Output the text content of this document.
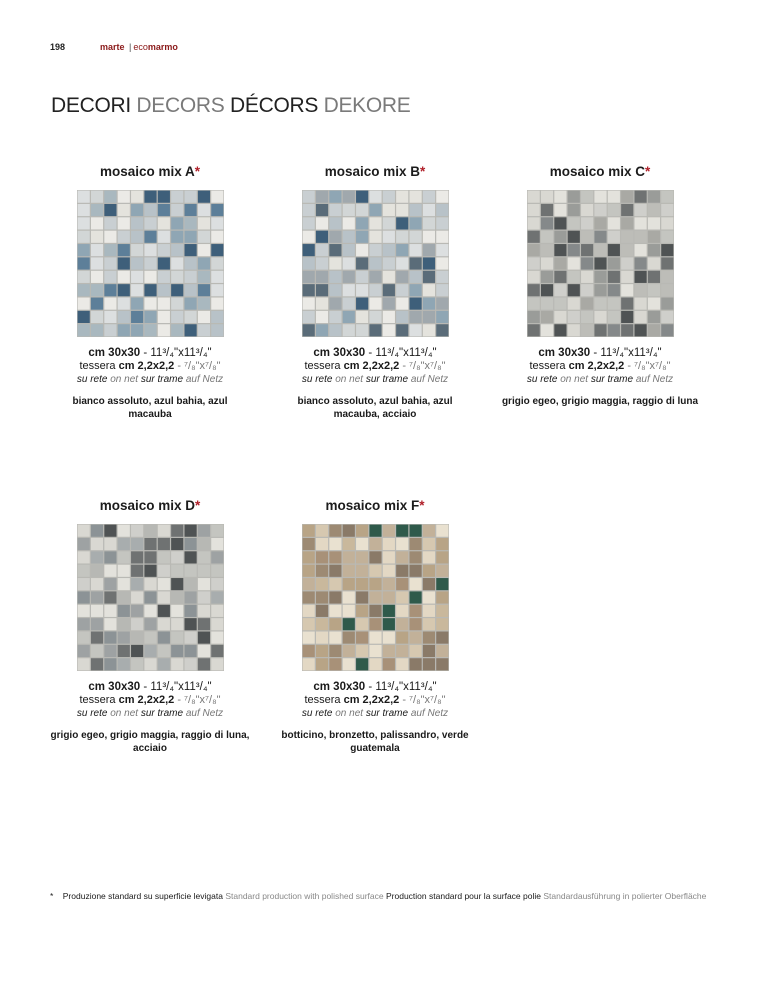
198	marte | ecomarmo
DECORI DECORS DÉCORS DEKORE
mosaico mix A*
cm 30x30 - 11³/₄"x11³/₄"
tessera cm 2,2x2,2 - ⁷/₈"x⁷/₈"
su rete on net sur trame auf Netz
bianco assoluto, azul bahia, azul macauba
mosaico mix B*
cm 30x30 - 11³/₄"x11³/₄"
tessera cm 2,2x2,2 - ⁷/₈"x⁷/₈"
su rete on net sur trame auf Netz
bianco assoluto, azul bahia, azul macauba, acciaio
mosaico mix C*
cm 30x30 - 11³/₄"x11³/₄"
tessera cm 2,2x2,2 - ⁷/₈"x⁷/₈"
su rete on net sur trame auf Netz
grigio egeo, grigio maggia, raggio di luna
mosaico mix D*
cm 30x30 - 11³/₄"x11³/₄"
tessera cm 2,2x2,2 - ⁷/₈"x⁷/₈"
su rete on net sur trame auf Netz
grigio egeo, grigio maggia, raggio di luna, acciaio
mosaico mix F*
cm 30x30 - 11³/₄"x11³/₄"
tessera cm 2,2x2,2 - ⁷/₈"x⁷/₈"
su rete on net sur trame auf Netz
botticino, bronzetto, palissandro, verde guatemala
* Produzione standard su superficie levigata Standard production with polished surface Production standard pour la surface polie Standardausführung in polierter Oberfläche
